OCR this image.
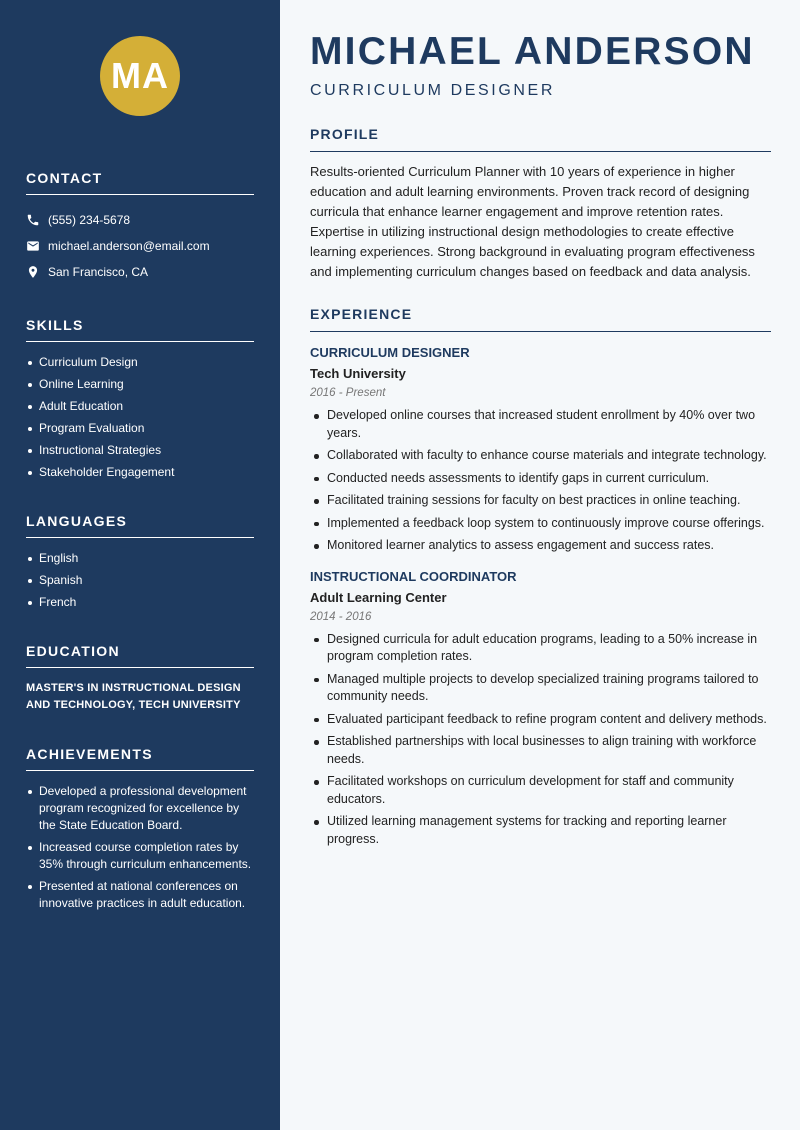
MA
CONTACT
(555) 234-5678
michael.anderson@email.com
San Francisco, CA
SKILLS
Curriculum Design
Online Learning
Adult Education
Program Evaluation
Instructional Strategies
Stakeholder Engagement
LANGUAGES
English
Spanish
French
EDUCATION
MASTER'S IN INSTRUCTIONAL DESIGN AND TECHNOLOGY, TECH UNIVERSITY
ACHIEVEMENTS
Developed a professional development program recognized for excellence by the State Education Board.
Increased course completion rates by 35% through curriculum enhancements.
Presented at national conferences on innovative practices in adult education.
MICHAEL ANDERSON
CURRICULUM DESIGNER
PROFILE

Results-oriented Curriculum Planner with 10 years of experience in higher education and adult learning environments. Proven track record of designing curricula that enhance learner engagement and improve retention rates. Expertise in utilizing instructional design methodologies to create effective learning experiences. Strong background in evaluating program effectiveness and implementing curriculum changes based on feedback and data analysis.

EXPERIENCE
CURRICULUM DESIGNER
Tech University
2016 - Present
Developed online courses that increased student enrollment by 40% over two years.
Collaborated with faculty to enhance course materials and integrate technology.
Conducted needs assessments to identify gaps in current curriculum.
Facilitated training sessions for faculty on best practices in online teaching.
Implemented a feedback loop system to continuously improve course offerings.
Monitored learner analytics to assess engagement and success rates.
INSTRUCTIONAL COORDINATOR
Adult Learning Center
2014 - 2016
Designed curricula for adult education programs, leading to a 50% increase in program completion rates.
Managed multiple projects to develop specialized training programs tailored to community needs.
Evaluated participant feedback to refine program content and delivery methods.
Established partnerships with local businesses to align training with workforce needs.
Facilitated workshops on curriculum development for staff and community educators.
Utilized learning management systems for tracking and reporting learner progress.
